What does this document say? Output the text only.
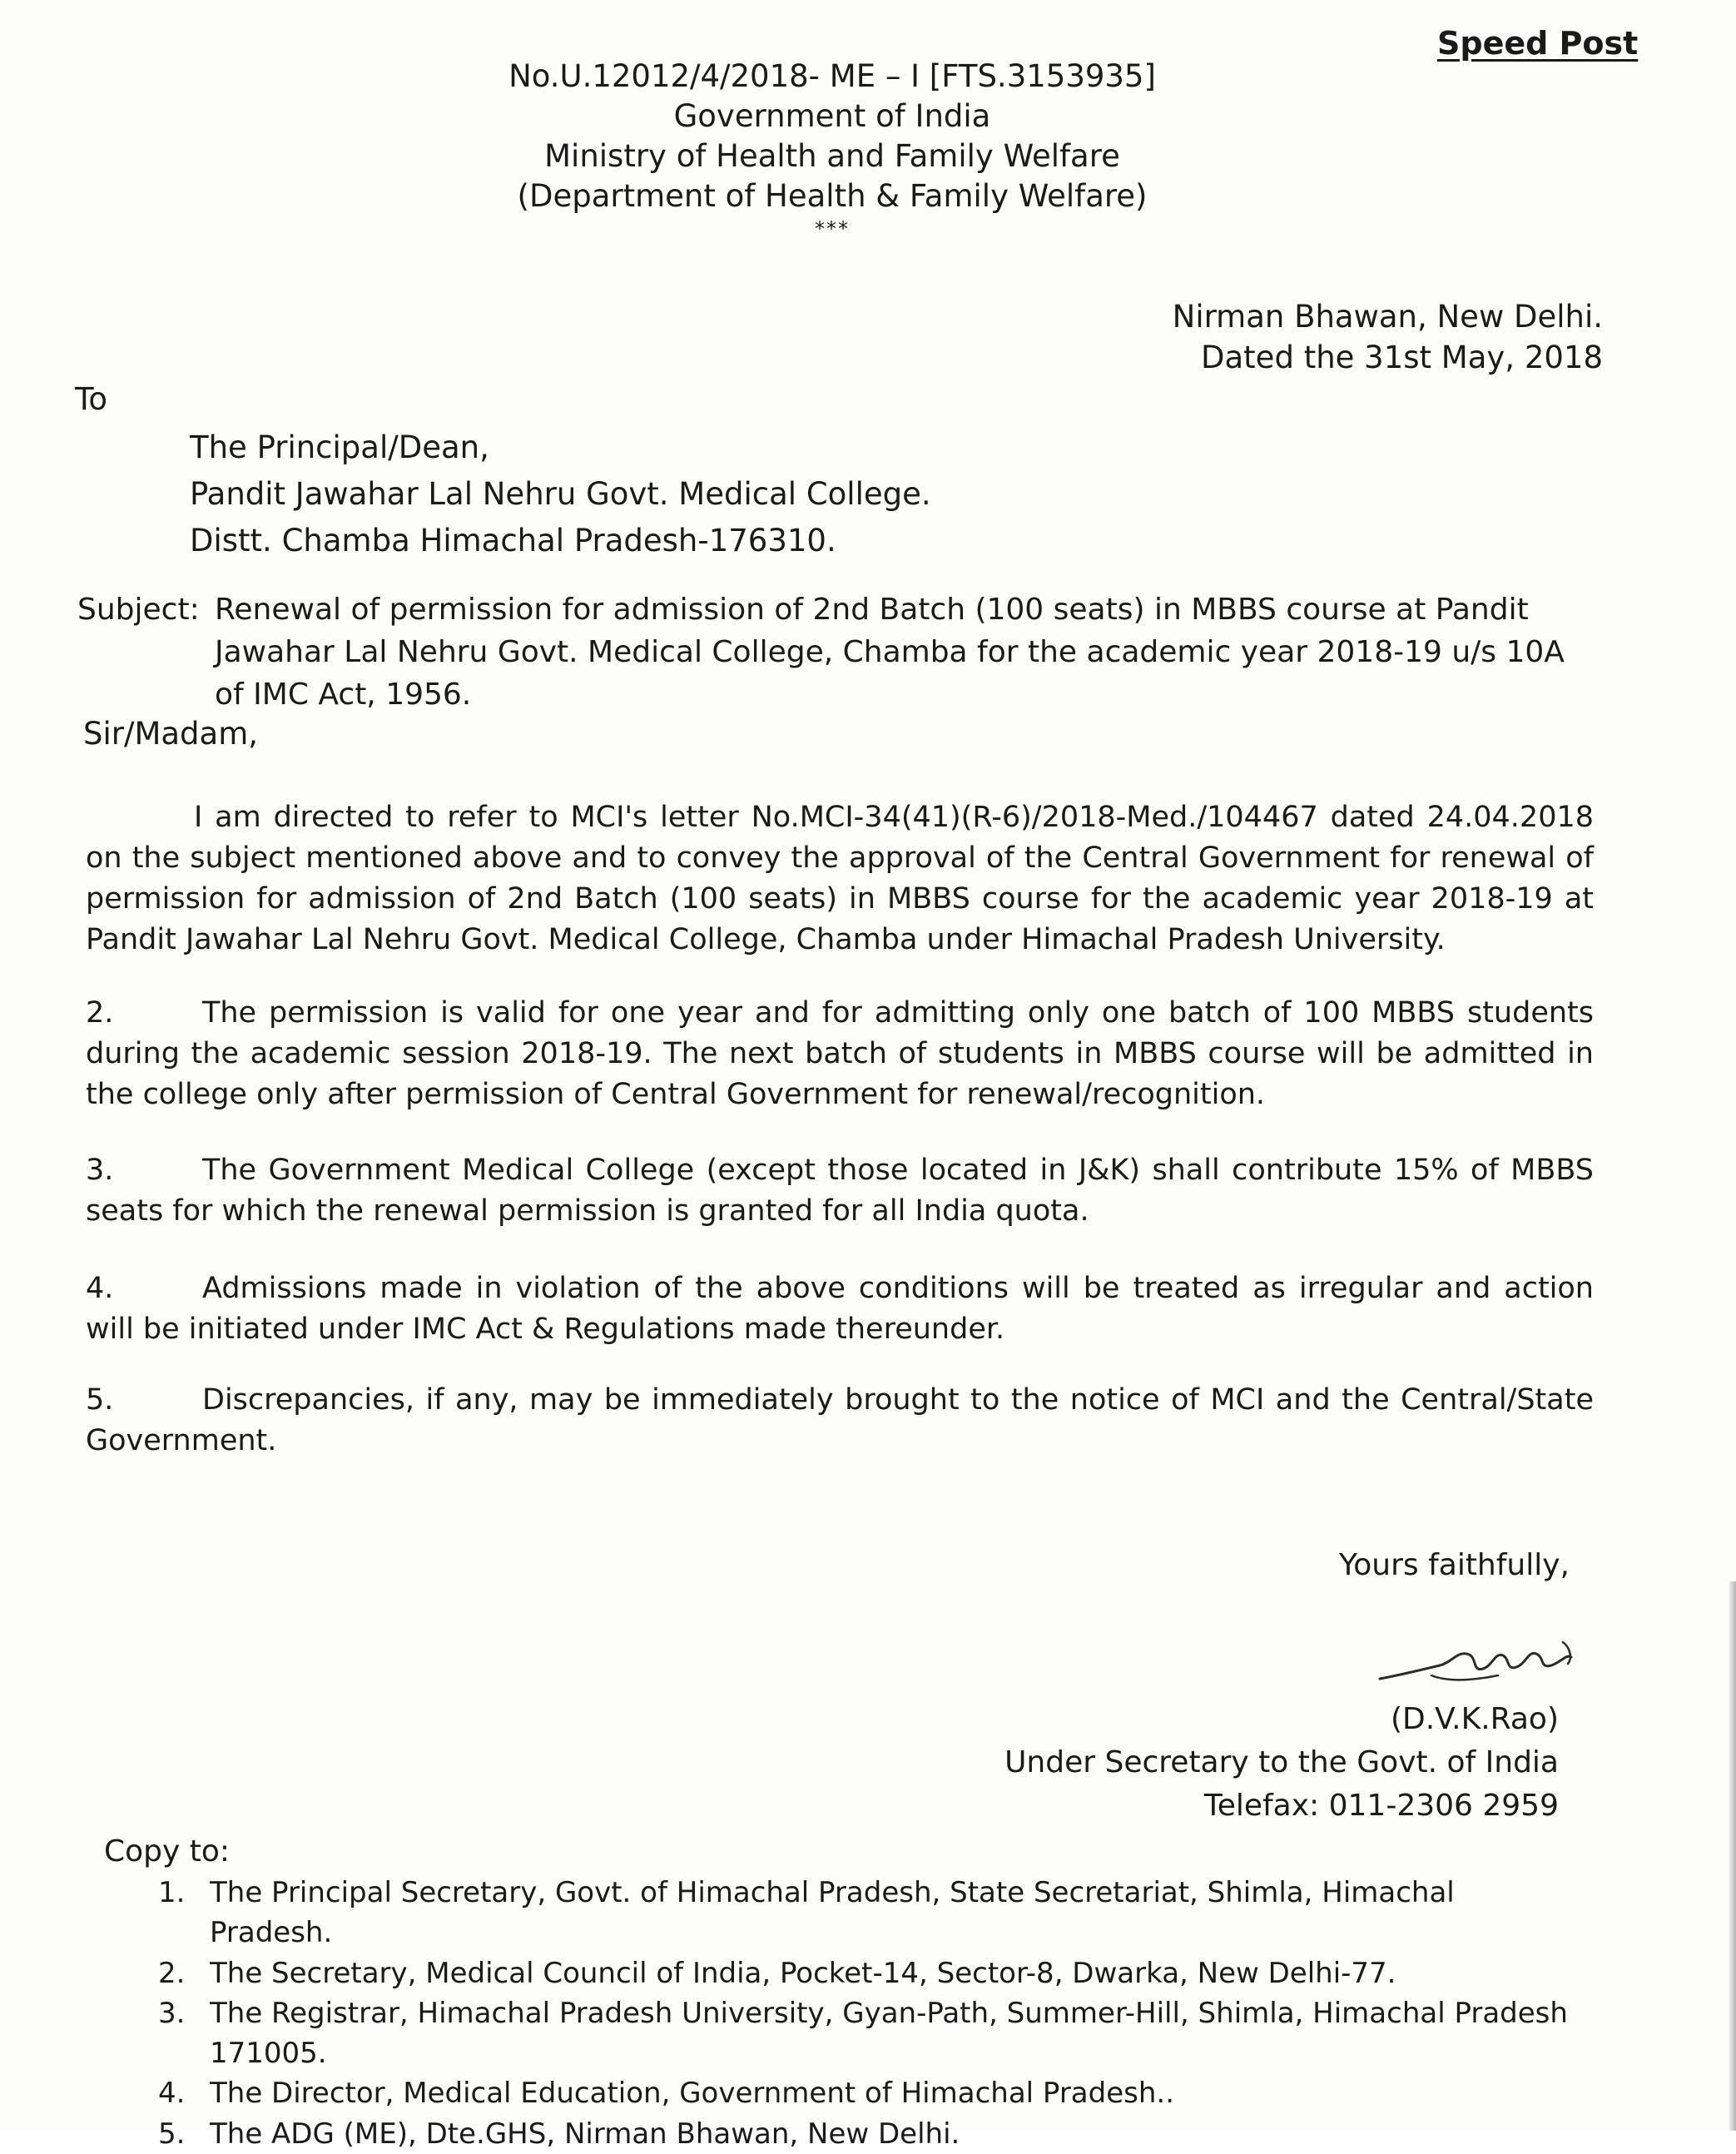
Speed Post
No.U.12012/4/2018- ME – I [FTS.3153935]
Government of India
Ministry of Health and Family Welfare
(Department of Health & Family Welfare)
***
Nirman Bhawan, New Delhi.
Dated the 31st May, 2018
To
The Principal/Dean,
Pandit Jawahar Lal Nehru Govt. Medical College.
Distt. Chamba Himachal Pradesh-176310.
Subject: Renewal of permission for admission of 2nd Batch (100 seats) in MBBS course at Pandit Jawahar Lal Nehru Govt. Medical College, Chamba for the academic year 2018-19 u/s 10A of IMC Act, 1956.
Sir/Madam,
I am directed to refer to MCI's letter No.MCI-34(41)(R-6)/2018-Med./104467 dated 24.04.2018 on the subject mentioned above and to convey the approval of the Central Government for renewal of permission for admission of 2nd Batch (100 seats) in MBBS course for the academic year 2018-19 at Pandit Jawahar Lal Nehru Govt. Medical College, Chamba under Himachal Pradesh University.
2.	The permission is valid for one year and for admitting only one batch of 100 MBBS students during the academic session 2018-19. The next batch of students in MBBS course will be admitted in the college only after permission of Central Government for renewal/recognition.
3.	The Government Medical College (except those located in J&K) shall contribute 15% of MBBS seats for which the renewal permission is granted for all India quota.
4.	Admissions made in violation of the above conditions will be treated as irregular and action will be initiated under IMC Act & Regulations made thereunder.
5.	Discrepancies, if any, may be immediately brought to the notice of MCI and the Central/State Government.
Yours faithfully,
(D.V.K.Rao)
Under Secretary to the Govt. of India
Telefax: 011-2306 2959
Copy to:
1. The Principal Secretary, Govt. of Himachal Pradesh, State Secretariat, Shimla, Himachal Pradesh.
2. The Secretary, Medical Council of India, Pocket-14, Sector-8, Dwarka, New Delhi-77.
3. The Registrar, Himachal Pradesh University, Gyan-Path, Summer-Hill, Shimla, Himachal Pradesh 171005.
4. The Director, Medical Education, Government of Himachal Pradesh..
5. The ADG (ME), Dte.GHS, Nirman Bhawan, New Delhi.
